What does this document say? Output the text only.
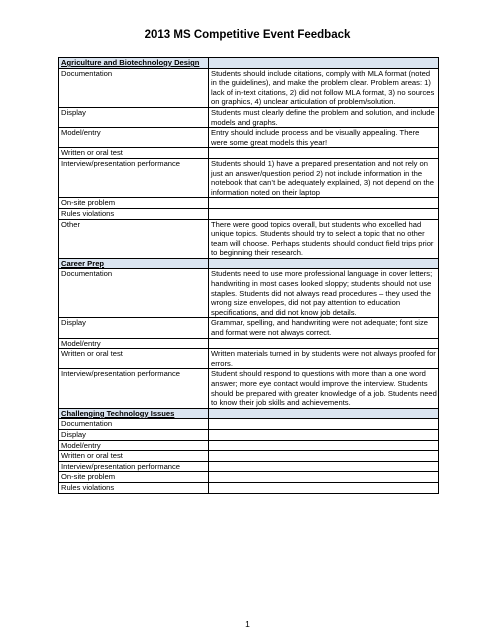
2013 MS Competitive Event Feedback
Agriculture and Biotechnology Design	
Documentation	Students should include citations, comply with MLA format (noted in the guidelines), and make the problem clear. Problem areas: 1) lack of in-text citations, 2) did not follow MLA format, 3) no sources on graphics, 4) unclear articulation of problem/solution.
Display	Students must clearly define the problem and solution, and include models and graphs.
Model/entry	Entry should include process and be visually appealing. There were some great models this year!
Written or oral test	
Interview/presentation performance	Students should 1) have a prepared presentation and not rely on just an answer/question period 2) not include information in the notebook that can’t be adequately explained, 3) not depend on the information noted on their laptop
On-site problem	
Rules violations	
Other	There were good topics overall, but students who excelled had unique topics. Students should try to select a topic that no other team will choose. Perhaps students should conduct field trips prior to beginning their research.
Career Prep	
Documentation	Students need to use more professional language in cover letters; handwriting in most cases looked sloppy; students should not use staples. Students did not always read procedures – they used the wrong size envelopes, did not pay attention to education specifications, and did not know job details.
Display	Grammar, spelling, and handwriting were not adequate; font size and format were not always correct.
Model/entry	
Written or oral test	Written materials turned in by students were not always proofed for errors.
Interview/presentation performance	Student should respond to questions with more than a one word answer; more eye contact would improve the interview. Students should be prepared with greater knowledge of a job. Students need to know their job skills and achievements.
Challenging Technology Issues	
Documentation	
Display	
Model/entry	
Written or oral test	
Interview/presentation performance	
On-site problem	
Rules violations	
1
